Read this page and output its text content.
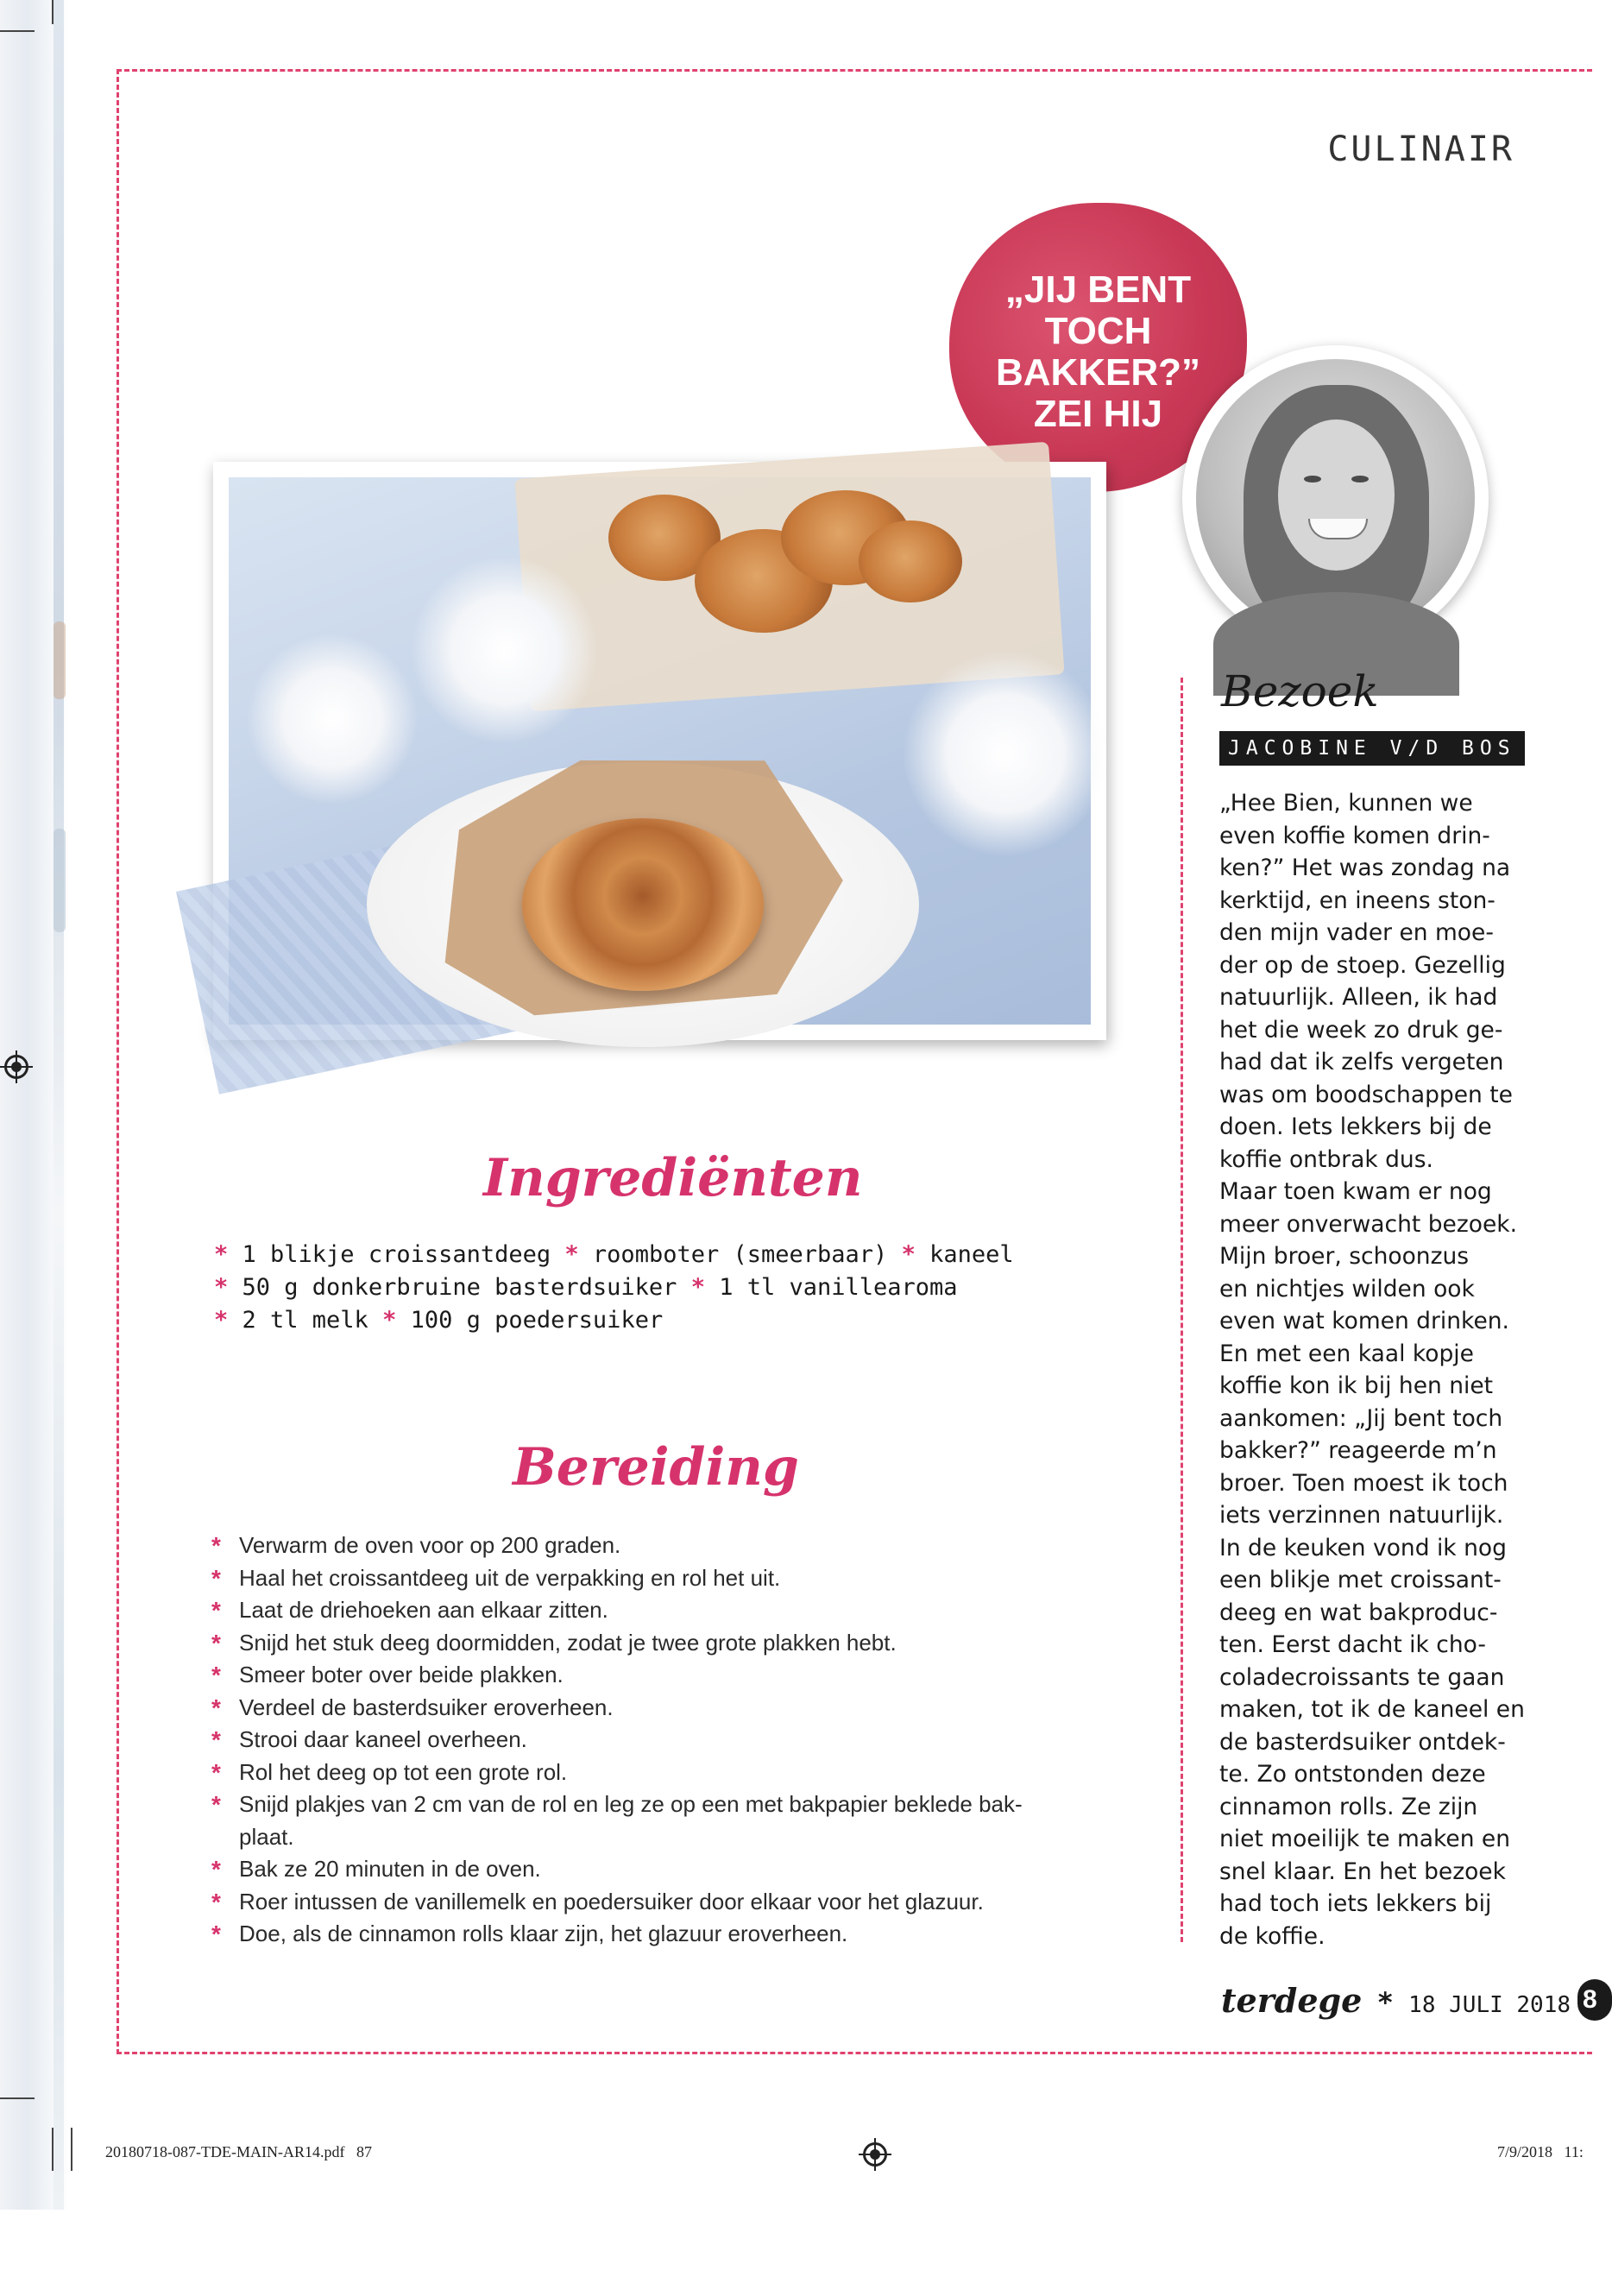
CULINAIR
„JIJ BENT
TOCH
BAKKER?”
ZEI HIJ
Ingrediënten
* 1 blikje croissantdeeg * roomboter (smeerbaar) * kaneel
* 50 g donkerbruine basterdsuiker * 1 tl vanillearoma
* 2 tl melk * 100 g poedersuiker
Bereiding
* Verwarm de oven voor op 200 graden.
* Haal het croissantdeeg uit de verpakking en rol het uit.
* Laat de driehoeken aan elkaar zitten.
* Snijd het stuk deeg doormidden, zodat je twee grote plakken hebt.
* Smeer boter over beide plakken.
* Verdeel de basterdsuiker eroverheen.
* Strooi daar kaneel overheen.
* Rol het deeg op tot een grote rol.
* Snijd plakjes van 2 cm van de rol en leg ze op een met bakpapier beklede bak-
plaat.
* Bak ze 20 minuten in de oven.
* Roer intussen de vanillemelk en poedersuiker door elkaar voor het glazuur.
* Doe, als de cinnamon rolls klaar zijn, het glazuur eroverheen.
Bezoek
JACOBINE V/D BOS

„Hee Bien, kunnen we
even koffie komen drin-
ken?” Het was zondag na
kerktijd, en ineens ston-
den mijn vader en moe-
der op de stoep. Gezellig
natuurlijk. Alleen, ik had
het die week zo druk ge-
had dat ik zelfs vergeten
was om boodschappen te
doen. Iets lekkers bij de
koffie ontbrak dus.
Maar toen kwam er nog
meer onverwacht bezoek.
Mijn broer, schoonzus
en nichtjes wilden ook
even wat komen drinken.
En met een kaal kopje
koffie kon ik bij hen niet
aankomen: „Jij bent toch
bakker?” reageerde m’n
broer. Toen moest ik toch
iets verzinnen natuurlijk.
In de keuken vond ik nog
een blikje met croissant-
deeg en wat bakproduc-
ten. Eerst dacht ik cho-
coladecroissants te gaan
maken, tot ik de kaneel en
de basterdsuiker ontdek-
te. Zo ontstonden deze
cinnamon rolls. Ze zijn
niet moeilijk te maken en
snel klaar. En het bezoek
had toch iets lekkers bij
de koffie.

terdege * 18 JULI 2018 8
20180718-087-TDE-MAIN-AR14.pdf   87	7/9/2018   11:
